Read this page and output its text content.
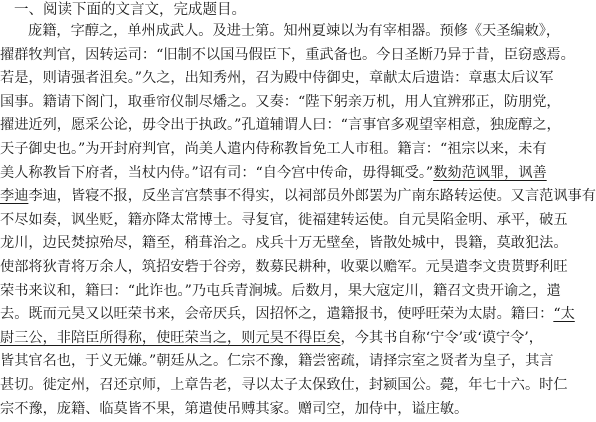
一、阅读下面的文言文，完成题目。
庞籍，字醇之，单州成武人。及进士第。知州夏竦以为有宰相器。预修《天圣编敕》，
擢群牧判官，因转运司：“旧制不以国马假臣下，重武备也。今日圣断乃异于昔，臣窃惑焉。
若是，则请强者沮矣。”久之，出知秀州，召为殿中侍御史，章献太后遗诰：章惠太后议军
国事。籍请下阁门，取垂帘仪制尽燔之。又奏：“陛下躬亲万机，用人宜辨邪正，防朋党，
擢进近列，愿采公论，毋令出于执政。”孔道辅谓人曰：“言事官多观望宰相意，独庞醇之，
天子御史也。”为开封府判官，尚美人遣内侍称教旨免工人市租。籍言：“祖宗以来，未有
美人称教旨下府者，当杖内侍。”诏有司：“自今宫中传命，毋得辄受。”数劾范讽罪，讽善
李迪李迪，皆寝不报，反坐言宫禁事不得实，以祠部员外郎罢为广南东路转运使。又言范讽事有
不尽如奏，讽坐贬，籍亦降太常博士。寻复官，徙福建转运使。自元昊陷金明、承平，破五
龙川，边民焚掠殆尽，籍至，稍葺治之。戍兵十万无壁垒，皆散处城中，畏籍，莫敢犯法。
使部将狄青将万余人，筑招安砦于谷旁，数募民耕种，收粟以赡军。元昊遣李文贵贳野利旺
荣书来议和，籍曰：“此诈也。”乃屯兵青涧城。后数月，果大寇定川，籍召文贵开谕之，遣
去。既而元昊又以旺荣书来，会帝厌兵，因招怀之，遣籍报书，使呼旺荣为太尉。籍曰：“太
尉三公，非陪臣所得称，使旺荣当之，则元昊不得臣矣，今其书自称‘宁令’或‘谟宁令’，
皆其官名也，于义无嫌。”朝廷从之。仁宗不豫，籍尝密疏，请择宗室之贤者为皇子，其言
甚切。徙定州，召还京师，上章告老，寻以太子太保致仕，封颍国公。薨，年七十六。时仁
宗不豫，庞籍、临莫皆不果，第遣使吊赙其家。赠司空，加侍中，谥庄敏。
